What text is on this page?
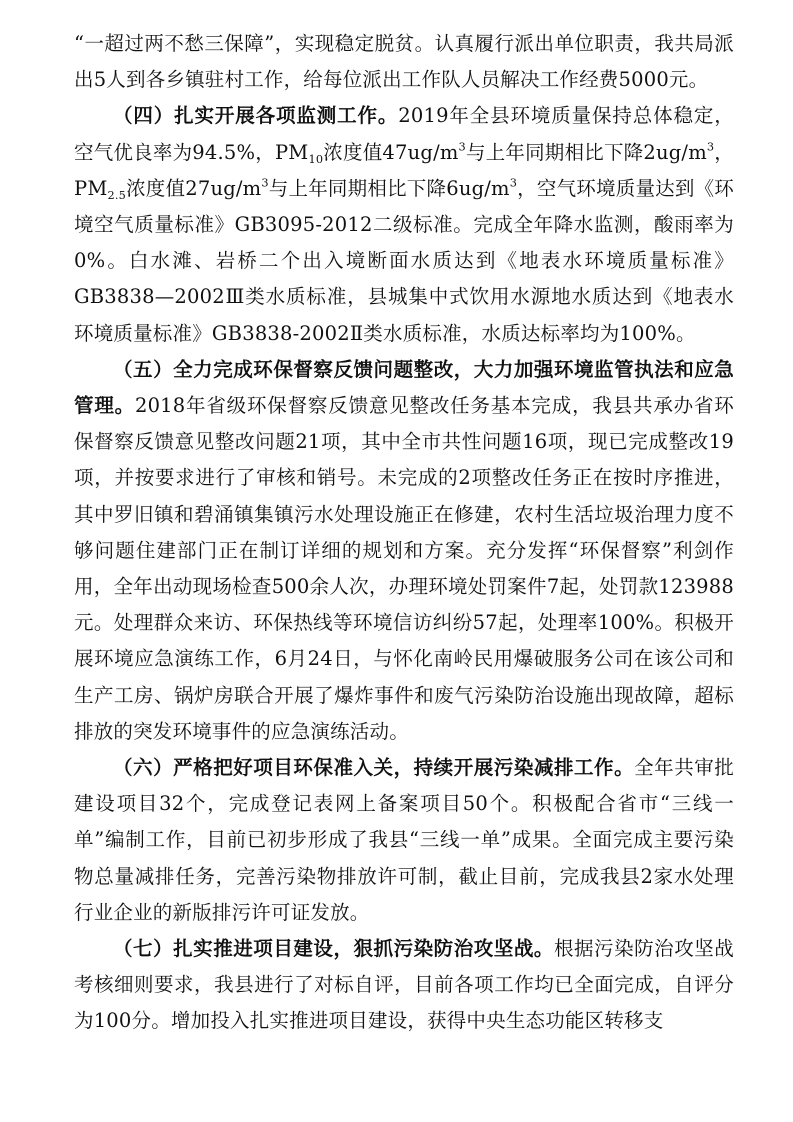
“一超过两不愁三保障”，实现稳定脱贫。认真履行派出单位职责，我共局派出5人到各乡镇驻村工作，给每位派出工作队人员解决工作经费5000元。

（四）扎实开展各项监测工作。2019年全县环境质量保持总体稳定，空气优良率为94.5%，$PM_{10}$浓度值$47ug/m^3$与上年同期相比下降$2ug/m^3$，$PM_{2.5}$浓度值$27ug/m^3$与上年同期相比下降$6ug/m^3$，空气环境质量达到《环境空气质量标准》GB3095-2012二级标准。完成全年降水监测，酸雨率为0%。白水滩、岩桥二个出入境断面水质达到《地表水环境质量标准》GB3838—2002Ⅲ类水质标准，县城集中式饮用水源地水质达到《地表水环境质量标准》GB3838-2002Ⅱ类水质标准，水质达标率均为100%。

（五）全力完成环保督察反馈问题整改，大力加强环境监管执法和应急管理。2018年省级环保督察反馈意见整改任务基本完成，我县共承办省环保督察反馈意见整改问题21项，其中全市共性问题16项，现已完成整改19项，并按要求进行了审核和销号。未完成的2项整改任务正在按时序推进，其中罗旧镇和碧涌镇集镇污水处理设施正在修建，农村生活垃圾治理力度不够问题住建部门正在制订详细的规划和方案。充分发挥“环保督察”利剑作用，全年出动现场检查500余人次，办理环境处罚案件7起，处罚款123988元。处理群众来访、环保热线等环境信访纠纷57起，处理率100%。积极开展环境应急演练工作，6月24日，与怀化南岭民用爆破服务公司在该公司和生产工房、锅炉房联合开展了爆炸事件和废气污染防治设施出现故障，超标排放的突发环境事件的应急演练活动。

（六）严格把好项目环保准入关，持续开展污染减排工作。全年共审批建设项目32个，完成登记表网上备案项目50个。积极配合省市“三线一单”编制工作，目前已初步形成了我县“三线一单”成果。全面完成主要污染物总量减排任务，完善污染物排放许可制，截止目前，完成我县2家水处理行业企业的新版排污许可证发放。

（七）扎实推进项目建设，狠抓污染防治攻坚战。根据污染防治攻坚战考核细则要求，我县进行了对标自评，目前各项工作均已全面完成，自评分为100分。增加投入扎实推进项目建设，获得中央生态功能区转移支
